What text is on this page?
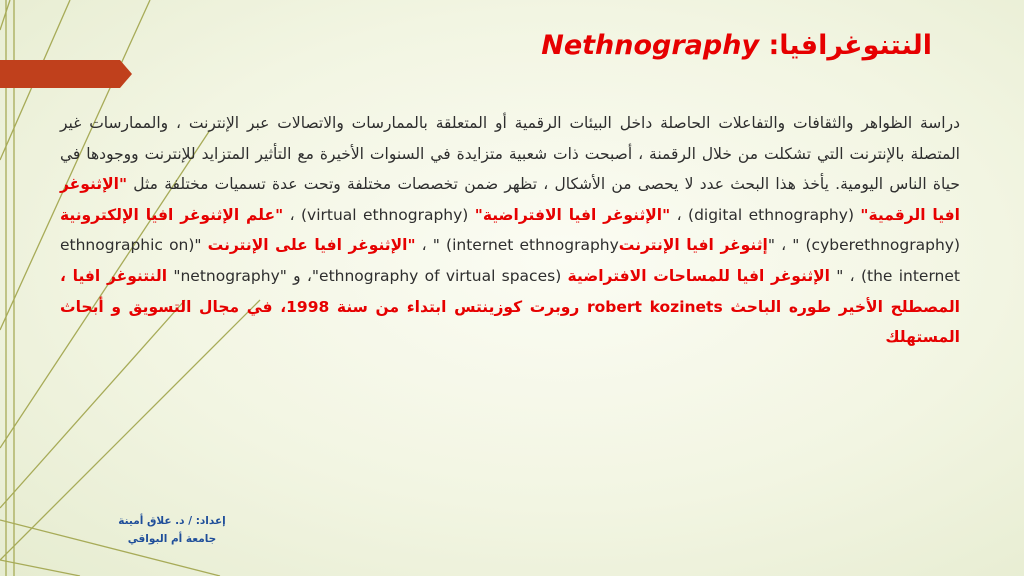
النتنوغرافيا: Nethnography
دراسة الظواهر والثقافات والتفاعلات الحاصلة داخل البيئات الرقمية أو المتعلقة بالممارسات والاتصالات عبر الإنترنت ، والممارسات غير المتصلة بالإنترنت التي تشكلت من خلال الرقمنة ، أصبحت ذات شعبية متزايدة في السنوات الأخيرة مع التأثير المتزايد للإنترنت ووجودها في حياة الناس اليومية. يأخذ هذا البحث عدد لا يحصى من الأشكال ، تظهر ضمن تخصصات مختلفة وتحت عدة تسميات مختلفة مثل "الإثنوغر افيا الرقمية" (digital ethnography) ، "الإثنوغر افيا الافتراضية" (virtual ethnography) ، "علم الإثنوغر افيا الإلكترونية (cyberethnography) " ، "إثنوغر افيا الإنترنتinternet ethnography) " ، "الإثنوغر افيا على الإنترنت "(ethnographic on the internet) ، " الإثنوغر افيا للمساحات الافتراضية (ethnography of virtual spaces"، و "netnography" النتنوغر افيا ، المصطلح الأخير طوره الباحث robert kozinets روبرت كوزينتس ابتداء من سنة 1998، في مجال التسويق و أبحاث المستهلك
إعداد: / د. علاق أمينة
جامعة أم البواقي
